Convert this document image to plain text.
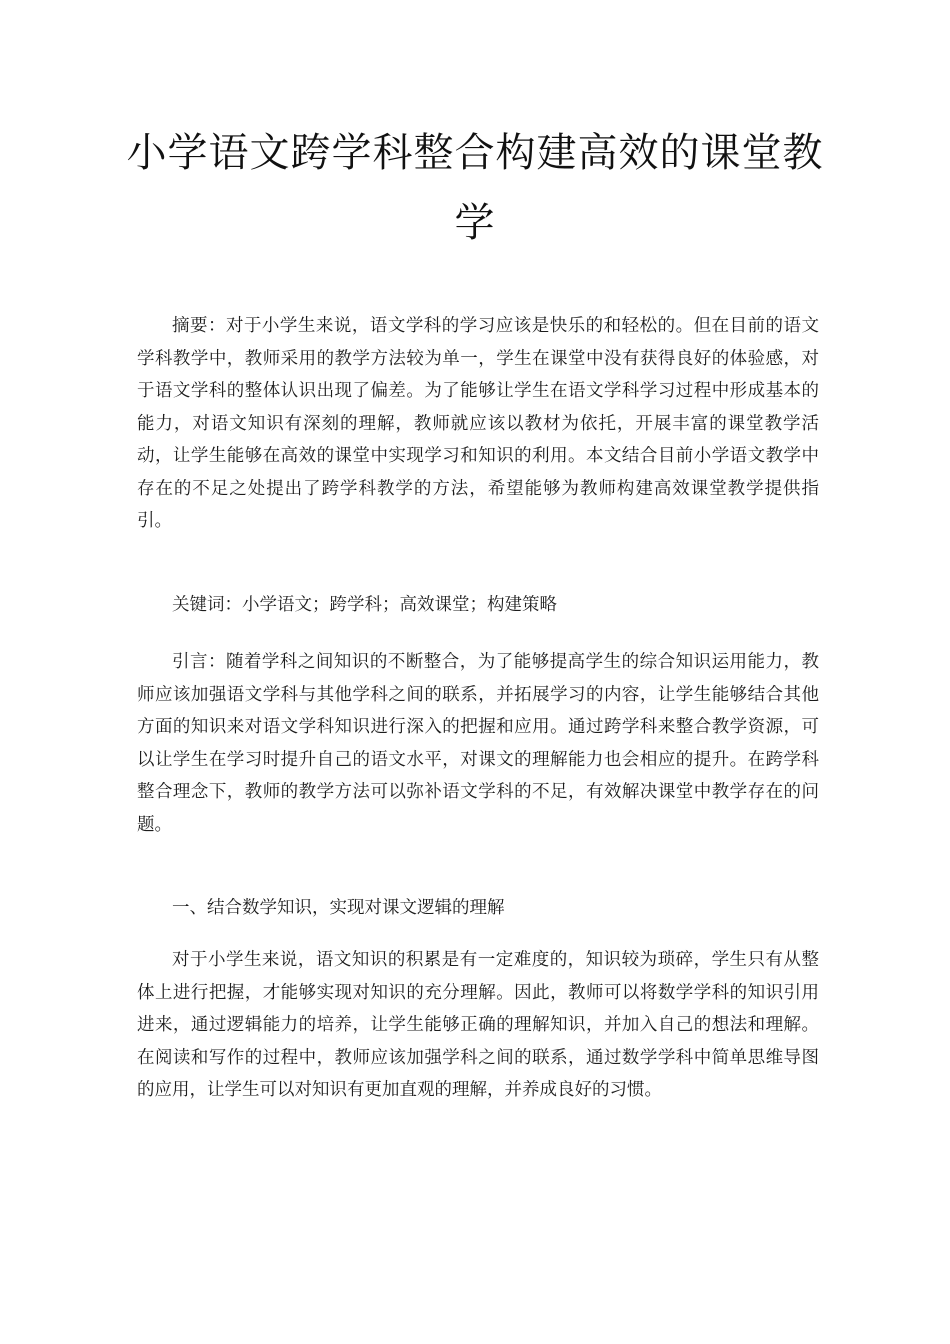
小学语文跨学科整合构建高效的课堂教学

摘要：对于小学生来说，语文学科的学习应该是快乐的和轻松的。但在目前的语文学科教学中，教师采用的教学方法较为单一，学生在课堂中没有获得良好的体验感，对于语文学科的整体认识出现了偏差。为了能够让学生在语文学科学习过程中形成基本的能力，对语文知识有深刻的理解，教师就应该以教材为依托，开展丰富的课堂教学活动，让学生能够在高效的课堂中实现学习和知识的利用。本文结合目前小学语文教学中存在的不足之处提出了跨学科教学的方法，希望能够为教师构建高效课堂教学提供指引。

关键词：小学语文；跨学科；高效课堂；构建策略

引言：随着学科之间知识的不断整合，为了能够提高学生的综合知识运用能力，教师应该加强语文学科与其他学科之间的联系，并拓展学习的内容，让学生能够结合其他方面的知识来对语文学科知识进行深入的把握和应用。通过跨学科来整合教学资源，可以让学生在学习时提升自己的语文水平，对课文的理解能力也会相应的提升。在跨学科整合理念下，教师的教学方法可以弥补语文学科的不足，有效解决课堂中教学存在的问题。

一、结合数学知识，实现对课文逻辑的理解

对于小学生来说，语文知识的积累是有一定难度的，知识较为琐碎，学生只有从整体上进行把握，才能够实现对知识的充分理解。因此，教师可以将数学学科的知识引用进来，通过逻辑能力的培养，让学生能够正确的理解知识，并加入自己的想法和理解。在阅读和写作的过程中，教师应该加强学科之间的联系，通过数学学科中简单思维导图的应用，让学生可以对知识有更加直观的理解，并养成良好的习惯。
